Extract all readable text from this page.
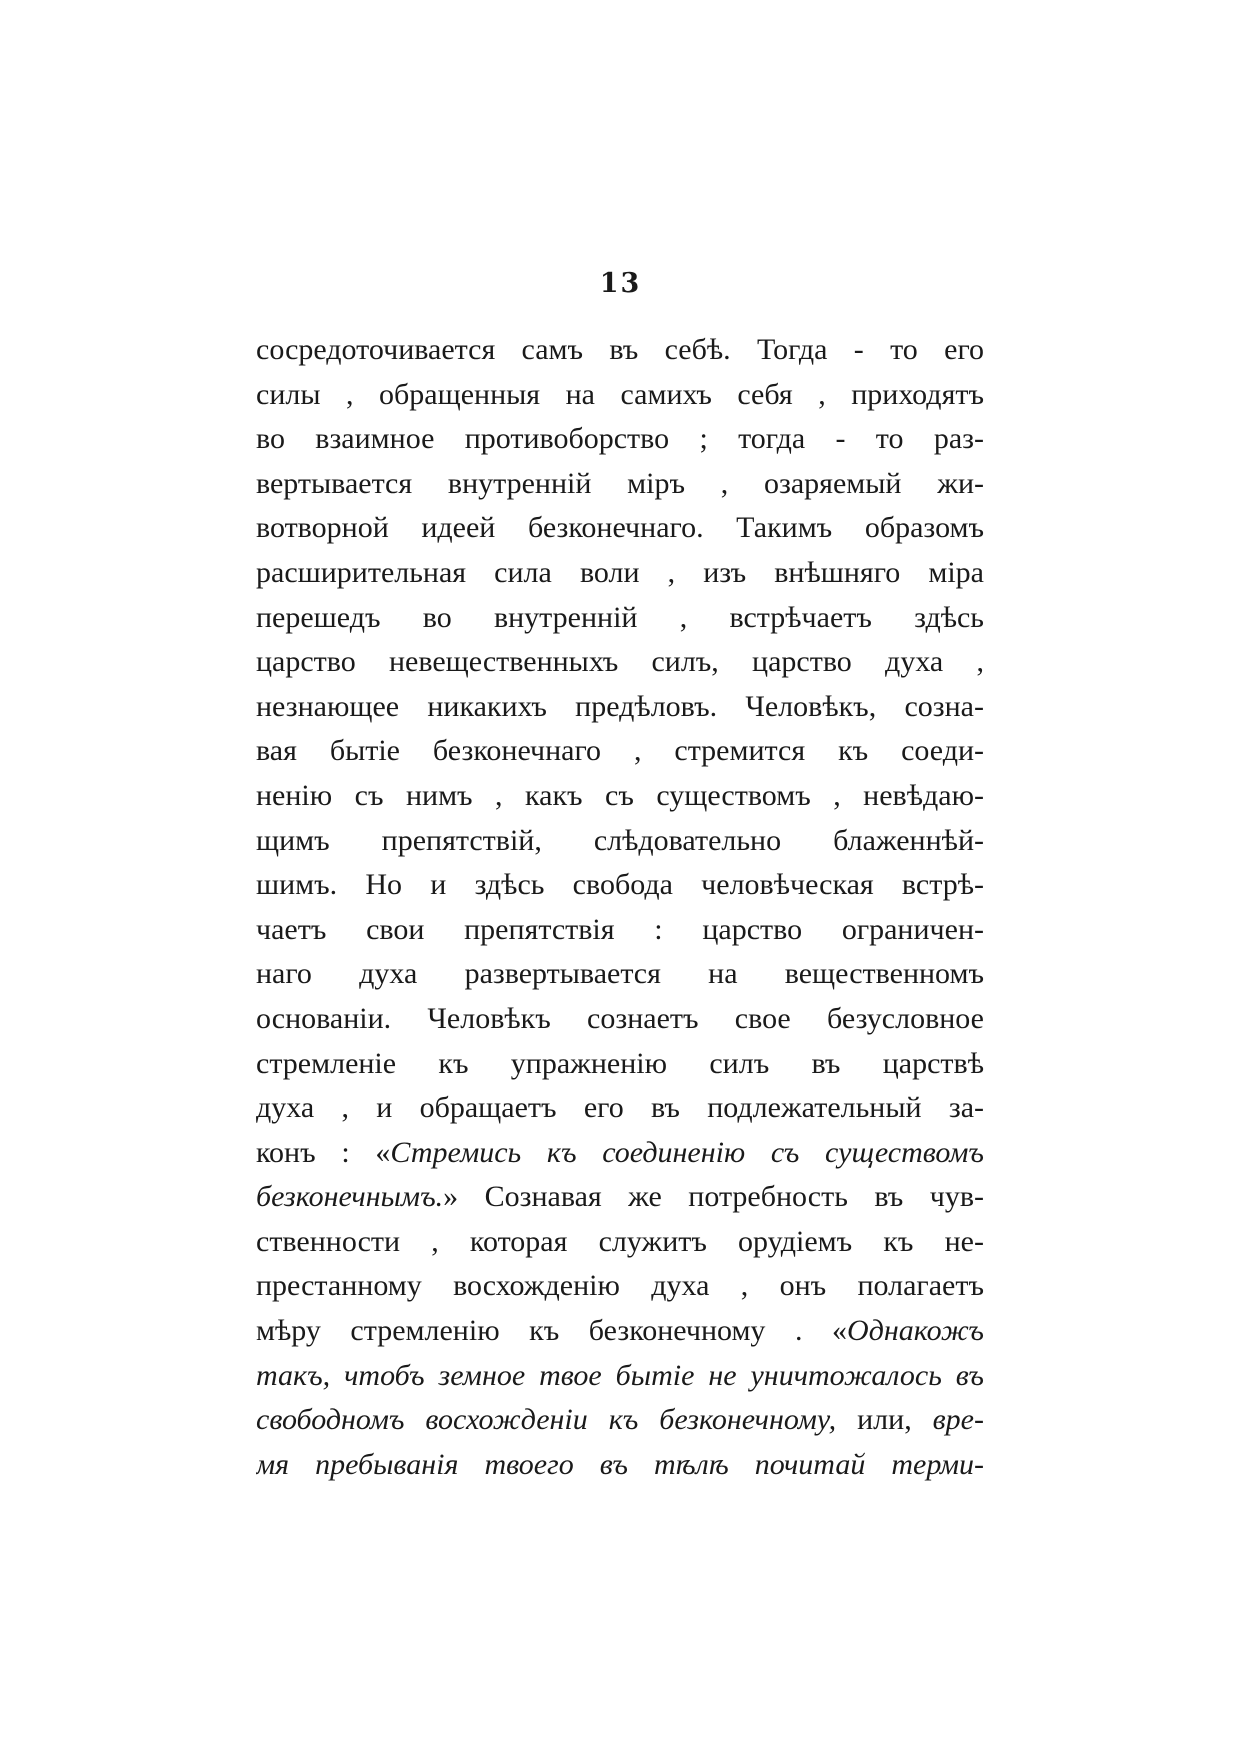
13
сосредоточивается самъ въ себѣ. Тогда - то его
силы , обращенныя на самихъ себя , приходятъ
во взаимное противоборство ; тогда - то раз-
вертывается внутренній міръ , озаряемый жи-
вотворной идеей безконечнаго. Такимъ образомъ
расширительная сила воли , изъ внѣшняго міра
перешедъ во внутренній , встрѣчаетъ здѣсь
царство невещественныхъ силъ, царство духа ,
незнающее никакихъ предѣловъ. Человѣкъ, созна-
вая бытіе безконечнаго , стремится къ соеди-
ненію съ нимъ , какъ съ существомъ , невѣдаю-
щимъ препятствій, слѣдовательно блаженнѣй-
шимъ. Но и здѣсь свобода человѣческая встрѣ-
чаетъ свои препятствія : царство ограничен-
наго духа развертывается на вещественномъ
основаніи. Человѣкъ сознаетъ свое безусловное
стремленіе къ упражненію силъ въ царствѣ
духа , и обращаетъ его въ подлежательный за-
конъ : «Стремись къ соединенію съ существомъ
безконечнымъ.» Сознавая же потребность въ чув-
ственности , которая служитъ орудіемъ къ не-
престанному восхожденію духа , онъ полагаетъ
мѣру стремленію къ безконечному . «Однакожъ
такъ, чтобъ земное твое бытіе не уничтожалось въ
свободномъ восхожденіи къ безконечному, или, вре-
мя пребыванія твоего въ тѣлѣ почитай терми-
